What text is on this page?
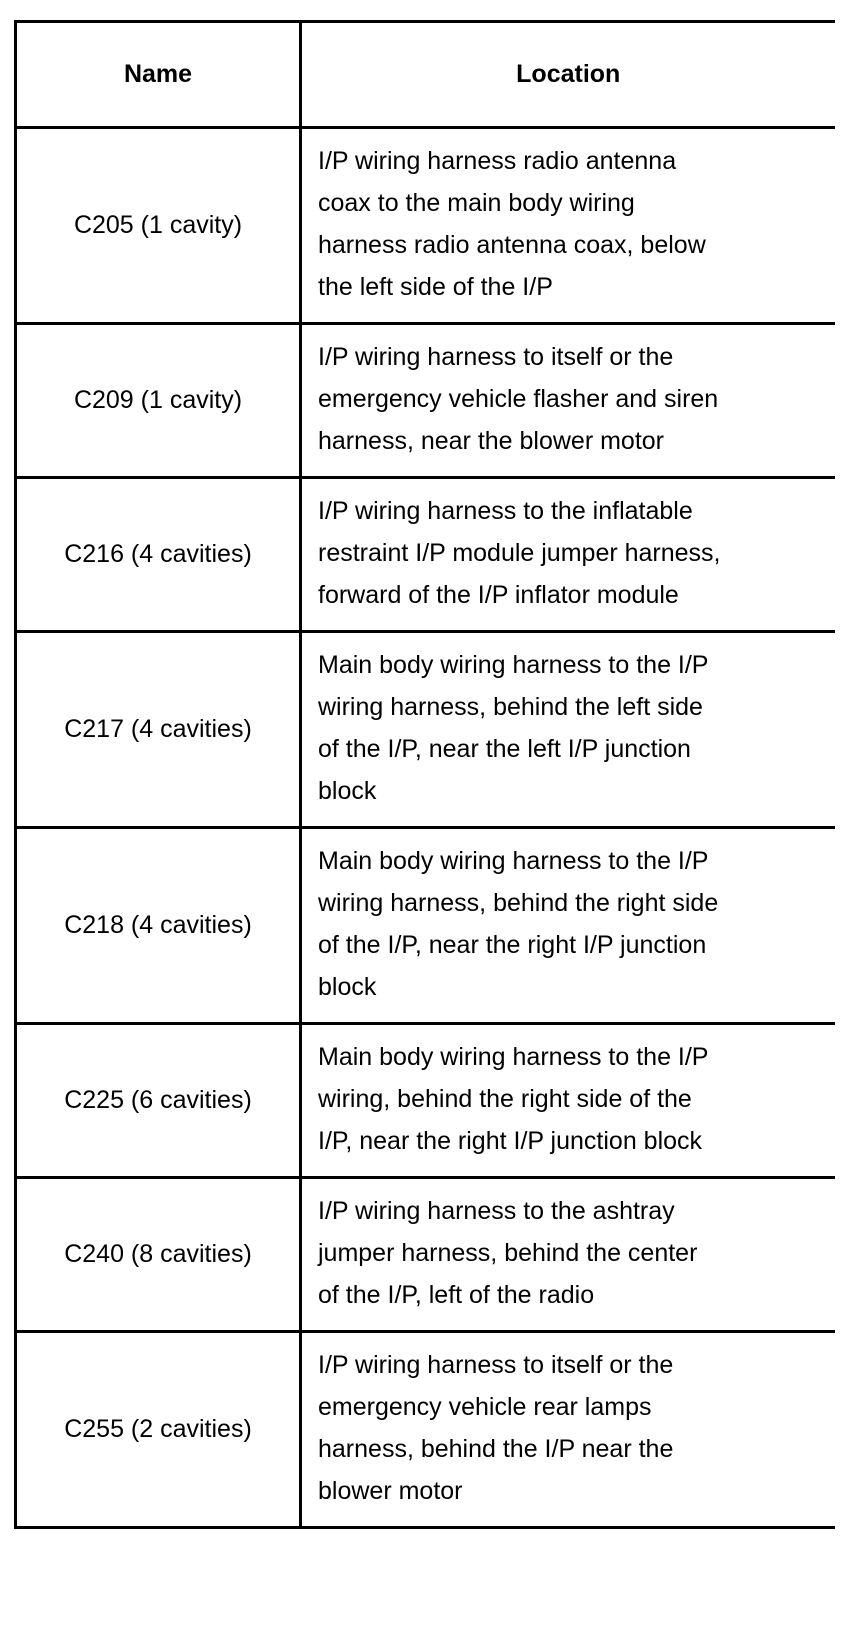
Name	Location
C205 (1 cavity)	I/P wiring harness radio antenna
coax to the main body wiring
harness radio antenna coax, below
the left side of the I/P

C209 (1 cavity)	I/P wiring harness to itself or the
emergency vehicle flasher and siren
harness, near the blower motor

C216 (4 cavities)	I/P wiring harness to the inflatable
restraint I/P module jumper harness,
forward of the I/P inflator module

C217 (4 cavities)	Main body wiring harness to the I/P
wiring harness, behind the left side
of the I/P, near the left I/P junction
block

C218 (4 cavities)	Main body wiring harness to the I/P
wiring harness, behind the right side
of the I/P, near the right I/P junction
block

C225 (6 cavities)	Main body wiring harness to the I/P
wiring, behind the right side of the
I/P, near the right I/P junction block

C240 (8 cavities)	I/P wiring harness to the ashtray
jumper harness, behind the center
of the I/P, left of the radio

C255 (2 cavities)	I/P wiring harness to itself or the
emergency vehicle rear lamps
harness, behind the I/P near the
blower motor
